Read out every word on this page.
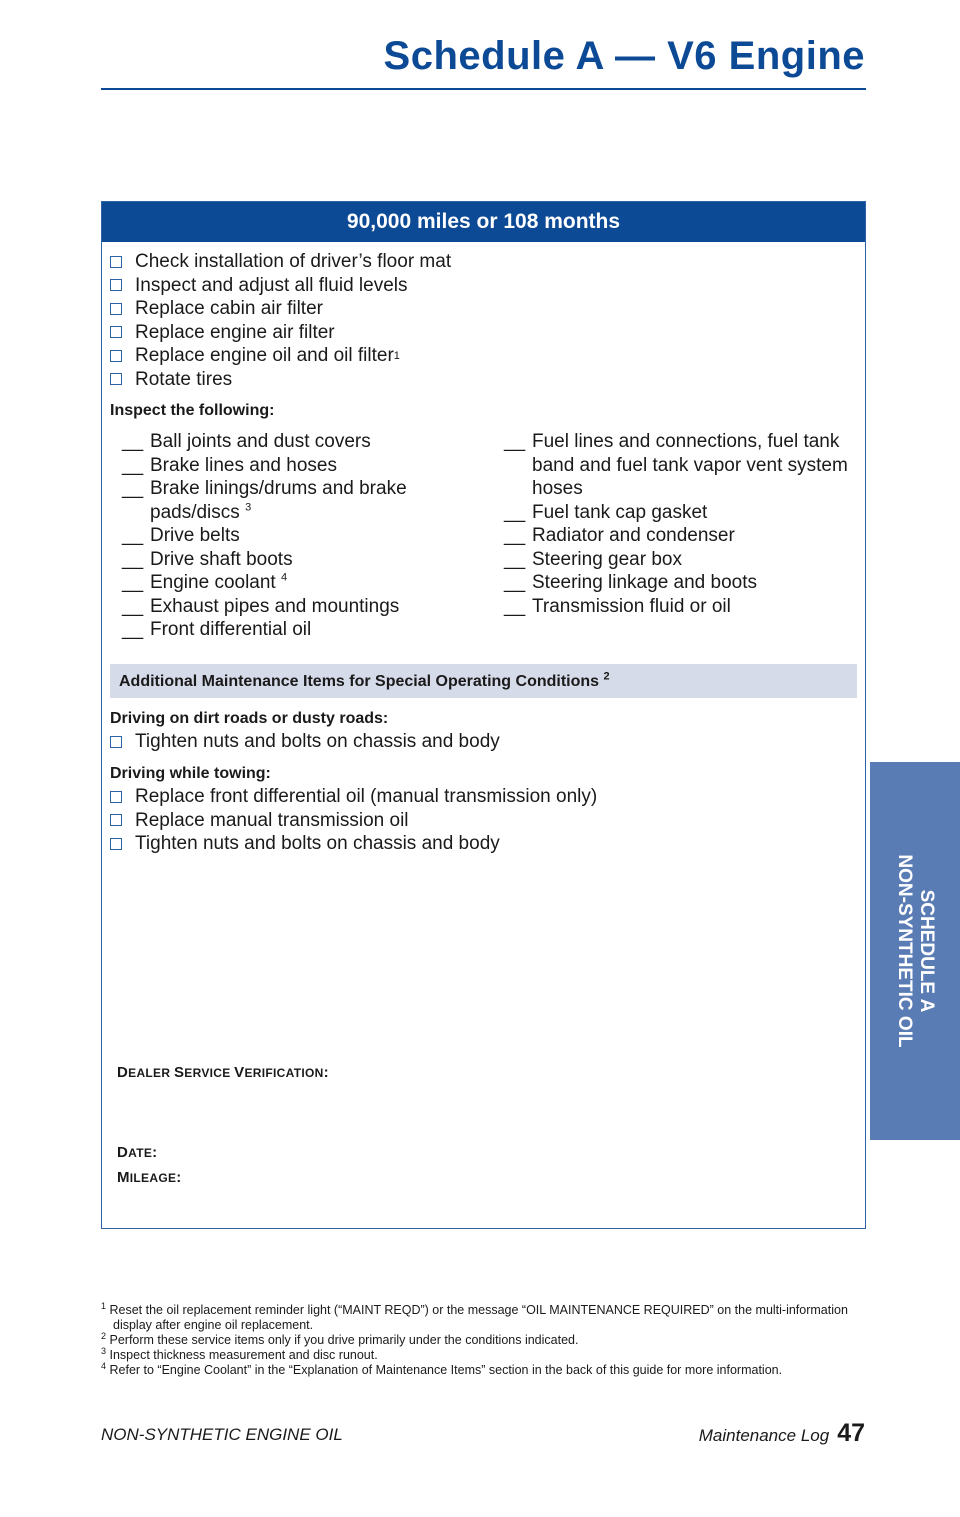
Schedule A — V6 Engine
90,000 miles or 108 months
Check installation of driver’s floor mat
Inspect and adjust all fluid levels
Replace cabin air filter
Replace engine air filter
Replace engine oil and oil filter 1
Rotate tires
Inspect the following:
__ Ball joints and dust covers
__ Brake lines and hoses
__ Brake linings/drums and brake pads/discs $^3$
__ Drive belts
__ Drive shaft boots
__ Engine coolant $^4$
__ Exhaust pipes and mountings
__ Front differential oil
__ Fuel lines and connections, fuel tank band and fuel tank vapor vent system hoses
__ Fuel tank cap gasket
__ Radiator and condenser
__ Steering gear box
__ Steering linkage and boots
__ Transmission fluid or oil
Additional Maintenance Items for Special Operating Conditions $^2$
Driving on dirt roads or dusty roads:
Tighten nuts and bolts on chassis and body
Driving while towing:
Replace front differential oil (manual transmission only)
Replace manual transmission oil
Tighten nuts and bolts on chassis and body
DEALER SERVICE VERIFICATION:
DATE:
MILEAGE:
$^1$ Reset the oil replacement reminder light (“MAINT REQD”) or the message “OIL MAINTENANCE REQUIRED” on the multi-information display after engine oil replacement.
$^2$ Perform these service items only if you drive primarily under the conditions indicated.
$^3$ Inspect thickness measurement and disc runout.
$^4$ Refer to “Engine Coolant” in the “Explanation of Maintenance Items” section in the back of this guide for more information.
NON-SYNTHETIC ENGINE OIL	Maintenance Log 47
SCHEDULE A
NON-SYNTHETIC OIL
